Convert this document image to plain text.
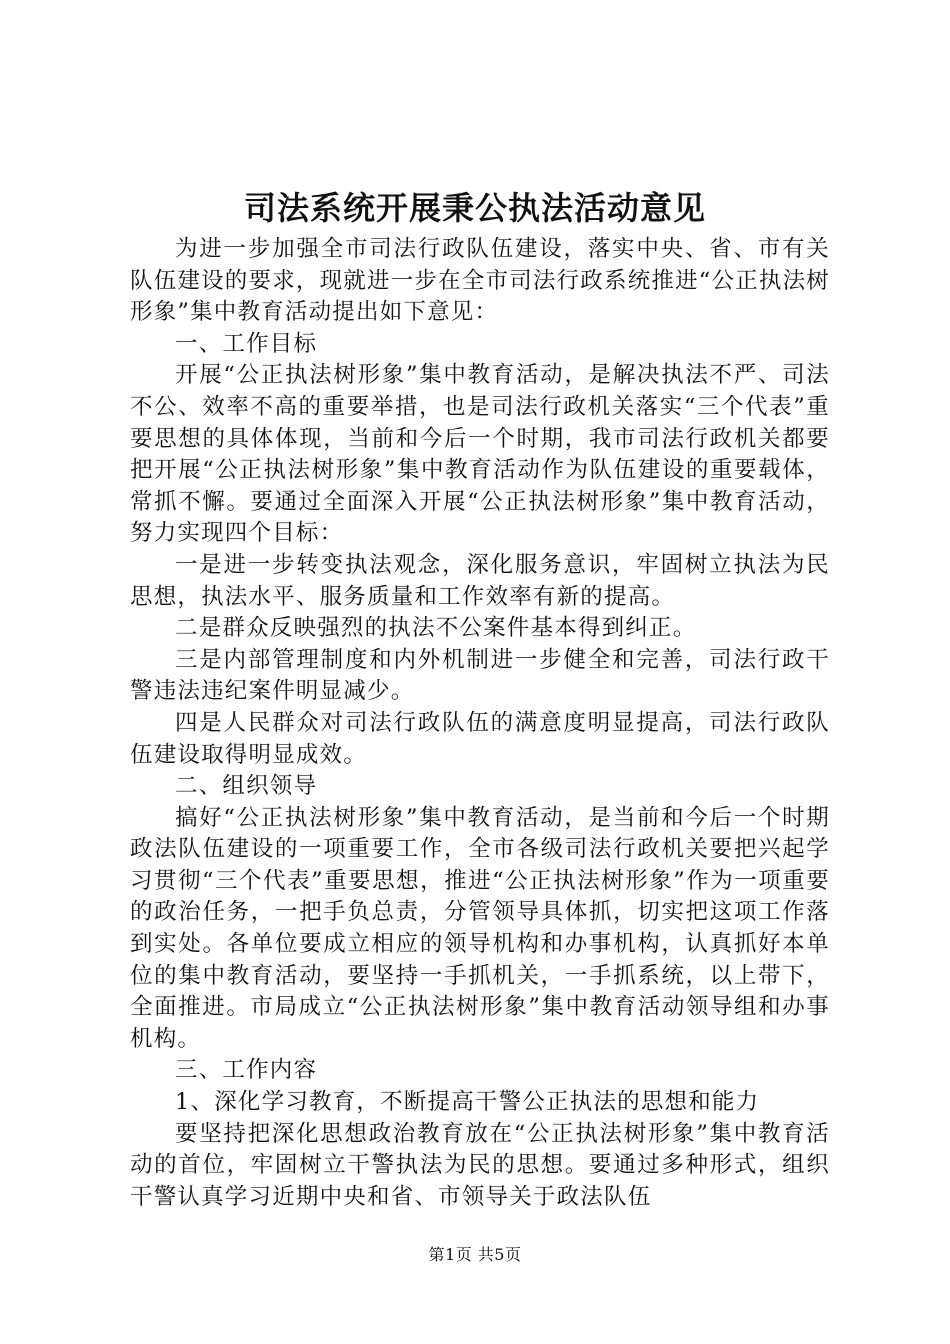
司法系统开展秉公执法活动意见

为进一步加强全市司法行政队伍建设，落实中央、省、市有关队伍建设的要求，现就进一步在全市司法行政系统推进“公正执法树形象”集中教育活动提出如下意见：

一、工作目标

开展“公正执法树形象”集中教育活动，是解决执法不严、司法不公、效率不高的重要举措，也是司法行政机关落实“三个代表”重要思想的具体体现，当前和今后一个时期，我市司法行政机关都要把开展“公正执法树形象”集中教育活动作为队伍建设的重要载体，常抓不懈。要通过全面深入开展“公正执法树形象”集中教育活动，努力实现四个目标：

一是进一步转变执法观念，深化服务意识，牢固树立执法为民思想，执法水平、服务质量和工作效率有新的提高。

二是群众反映强烈的执法不公案件基本得到纠正。

三是内部管理制度和内外机制进一步健全和完善，司法行政干警违法违纪案件明显减少。

四是人民群众对司法行政队伍的满意度明显提高，司法行政队伍建设取得明显成效。

二、组织领导

搞好“公正执法树形象”集中教育活动，是当前和今后一个时期政法队伍建设的一项重要工作，全市各级司法行政机关要把兴起学习贯彻“三个代表”重要思想，推进“公正执法树形象”作为一项重要的政治任务，一把手负总责，分管领导具体抓，切实把这项工作落到实处。各单位要成立相应的领导机构和办事机构，认真抓好本单位的集中教育活动，要坚持一手抓机关，一手抓系统，以上带下，全面推进。市局成立“公正执法树形象”集中教育活动领导组和办事机构。

三、工作内容

1、深化学习教育，不断提高干警公正执法的思想和能力

要坚持把深化思想政治教育放在“公正执法树形象”集中教育活动的首位，牢固树立干警执法为民的思想。要通过多种形式，组织干警认真学习近期中央和省、市领导关于政法队伍

第1页 共5页
